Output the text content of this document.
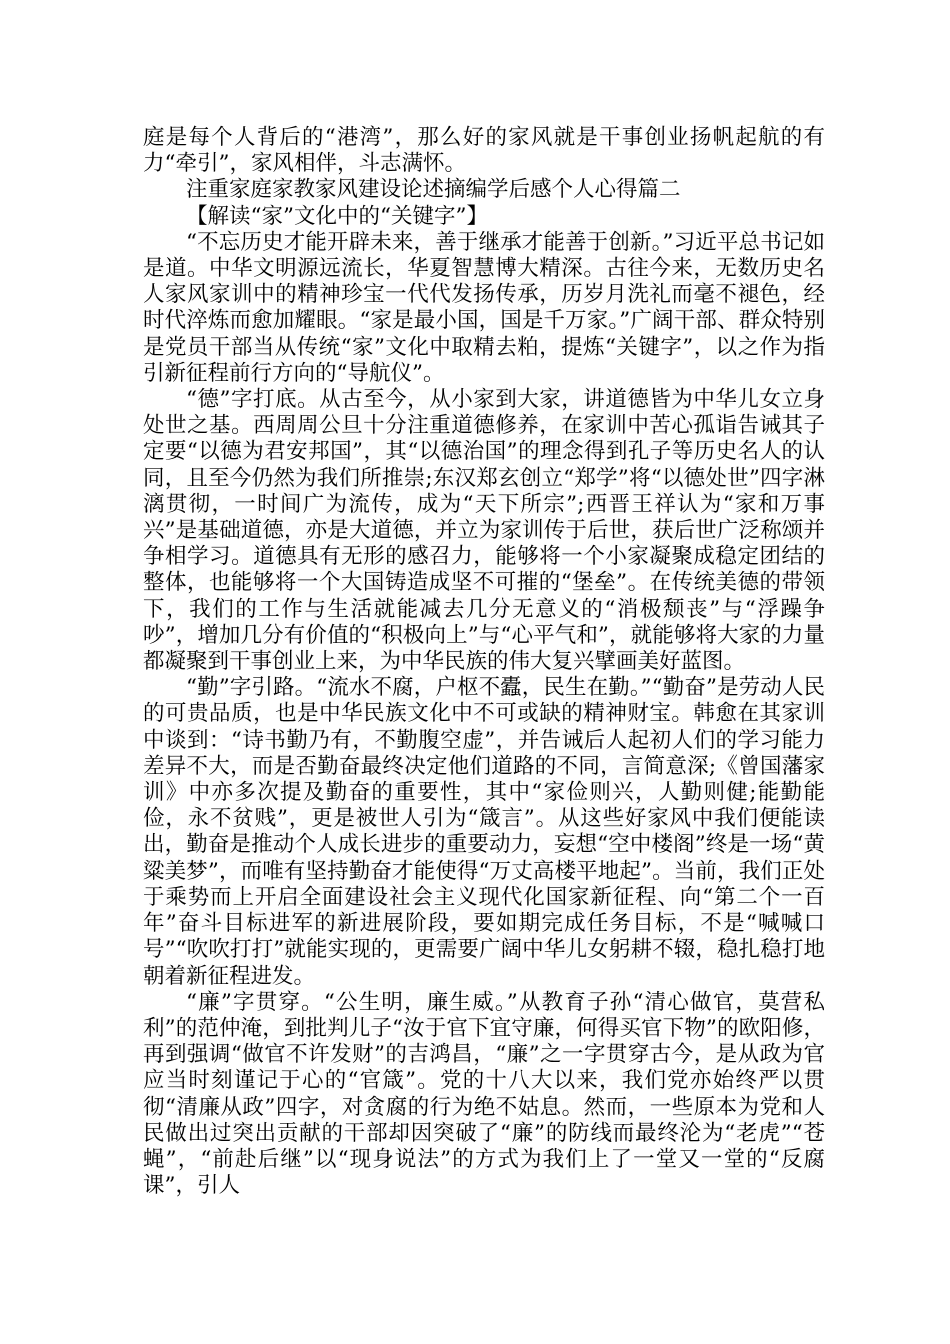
庭是每个人背后的“港湾”，那么好的家风就是干事创业扬帆起航的有力“牵引”，家风相伴，斗志满怀。

注重家庭家教家风建设论述摘编学后感个人心得篇二

【解读“家”文化中的“关键字”】

“不忘历史才能开辟未来，善于继承才能善于创新。”习近平总书记如是道。中华文明源远流长，华夏智慧博大精深。古往今来，无数历史名人家风家训中的精神珍宝一代代发扬传承，历岁月洗礼而毫不褪色，经时代淬炼而愈加耀眼。“家是最小国，国是千万家。”广阔干部、群众特别是党员干部当从传统“家”文化中取精去粕，提炼“关键字”，以之作为指引新征程前行方向的“导航仪”。

“德”字打底。从古至今，从小家到大家，讲道德皆为中华儿女立身处世之基。西周周公旦十分注重道德修养，在家训中苦心孤诣告诫其子定要“以德为君安邦国”，其“以德治国”的理念得到孔子等历史名人的认同，且至今仍然为我们所推崇;东汉郑玄创立“郑学”将“以德处世”四字淋漓贯彻，一时间广为流传，成为“天下所宗”;西晋王祥认为“家和万事兴”是基础道德，亦是大道德，并立为家训传于后世，获后世广泛称颂并争相学习。道德具有无形的感召力，能够将一个小家凝聚成稳定团结的整体，也能够将一个大国铸造成坚不可摧的“堡垒”。在传统美德的带领下，我们的工作与生活就能减去几分无意义的“消极颓丧”与“浮躁争吵”，增加几分有价值的“积极向上”与“心平气和”，就能够将大家的力量都凝聚到干事创业上来，为中华民族的伟大复兴擘画美好蓝图。

“勤”字引路。“流水不腐，户枢不蠹，民生在勤。”“勤奋”是劳动人民的可贵品质，也是中华民族文化中不可或缺的精神财宝。韩愈在其家训中谈到：“诗书勤乃有，不勤腹空虚”，并告诫后人起初人们的学习能力差异不大，而是否勤奋最终决定他们道路的不同，言简意深;《曾国藩家训》中亦多次提及勤奋的重要性，其中“家俭则兴，人勤则健;能勤能俭，永不贫贱”，更是被世人引为“箴言”。从这些好家风中我们便能读出，勤奋是推动个人成长进步的重要动力，妄想“空中楼阁”终是一场“黄粱美梦”，而唯有坚持勤奋才能使得“万丈高楼平地起”。当前，我们正处于乘势而上开启全面建设社会主义现代化国家新征程、向“第二个一百年”奋斗目标进军的新进展阶段，要如期完成任务目标，不是“喊喊口号”“吹吹打打”就能实现的，更需要广阔中华儿女躬耕不辍，稳扎稳打地朝着新征程进发。

“廉”字贯穿。“公生明，廉生威。”从教育子孙“清心做官，莫营私利”的范仲淹，到批判儿子“汝于官下宜守廉，何得买官下物”的欧阳修，再到强调“做官不许发财”的吉鸿昌，“廉”之一字贯穿古今，是从政为官应当时刻谨记于心的“官箴”。党的十八大以来，我们党亦始终严以贯彻“清廉从政”四字，对贪腐的行为绝不姑息。然而，一些原本为党和人民做出过突出贡献的干部却因突破了“廉”的防线而最终沦为“老虎”“苍蝇”，“前赴后继”以“现身说法”的方式为我们上了一堂又一堂的“反腐课”，引人
